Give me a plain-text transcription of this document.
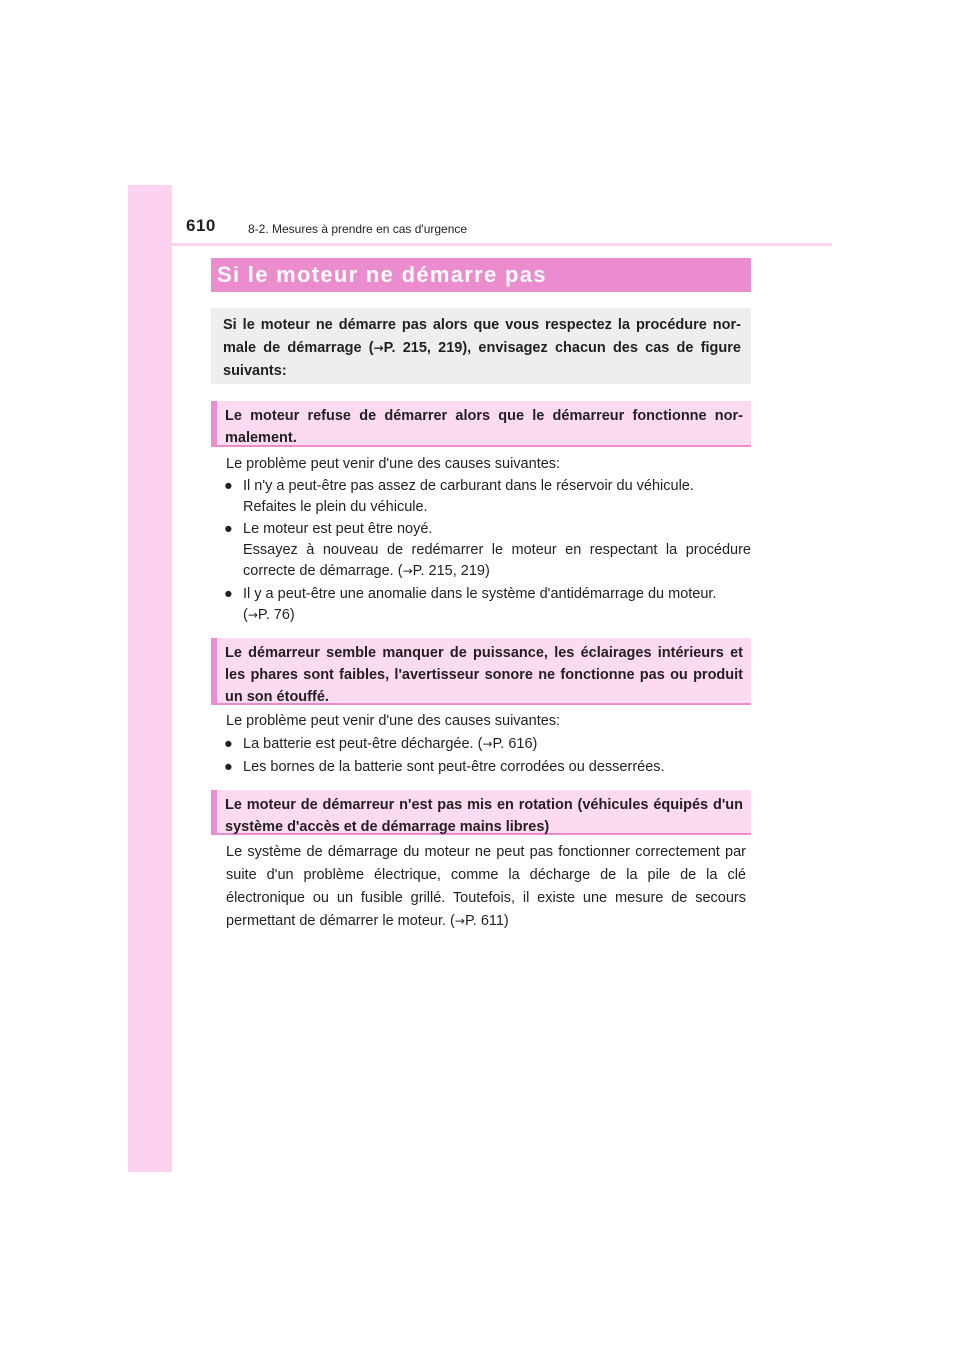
610	8-2. Mesures à prendre en cas d'urgence
Si le moteur ne démarre pas
Si le moteur ne démarre pas alors que vous respectez la procédure nor-male de démarrage (→P. 215, 219), envisagez chacun des cas de figure suivants:
Le moteur refuse de démarrer alors que le démarreur fonctionne nor-malement.
Le problème peut venir d'une des causes suivantes:
● Il n'y a peut-être pas assez de carburant dans le réservoir du véhicule.
Refaites le plein du véhicule.
● Le moteur est peut être noyé.
Essayez à nouveau de redémarrer le moteur en respectant la procédure correcte de démarrage. (→P. 215, 219)
● Il y a peut-être une anomalie dans le système d'antidémarrage du moteur.
(→P. 76)
Le démarreur semble manquer de puissance, les éclairages intérieurs et les phares sont faibles, l'avertisseur sonore ne fonctionne pas ou produit un son étouffé.
Le problème peut venir d'une des causes suivantes:
● La batterie est peut-être déchargée. (→P. 616)
● Les bornes de la batterie sont peut-être corrodées ou desserrées.
Le moteur de démarreur n'est pas mis en rotation (véhicules équipés d'un système d'accès et de démarrage mains libres)
Le système de démarrage du moteur ne peut pas fonctionner correctement par suite d'un problème électrique, comme la décharge de la pile de la clé électronique ou un fusible grillé. Toutefois, il existe une mesure de secours permettant de démarrer le moteur. (→P. 611)
